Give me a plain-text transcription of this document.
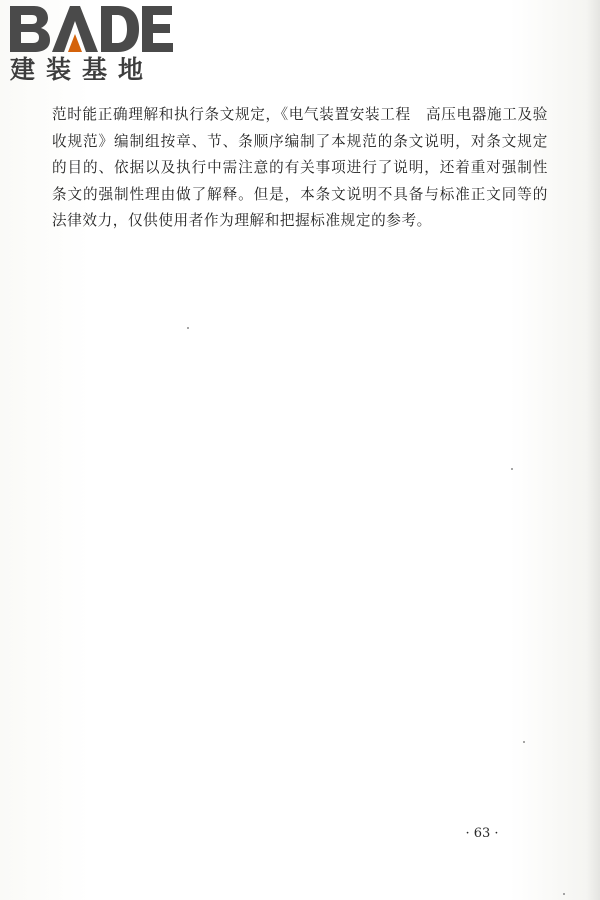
建装基地

范时能正确理解和执行条文规定，《电气装置安装工程　高压电器施工及验收规范》编制组按章、节、条顺序编制了本规范的条文说明，对条文规定的目的、依据以及执行中需注意的有关事项进行了说明，还着重对强制性条文的强制性理由做了解释。但是，本条文说明不具备与标准正文同等的法律效力，仅供使用者作为理解和把握标准规定的参考。

· 63 ·
